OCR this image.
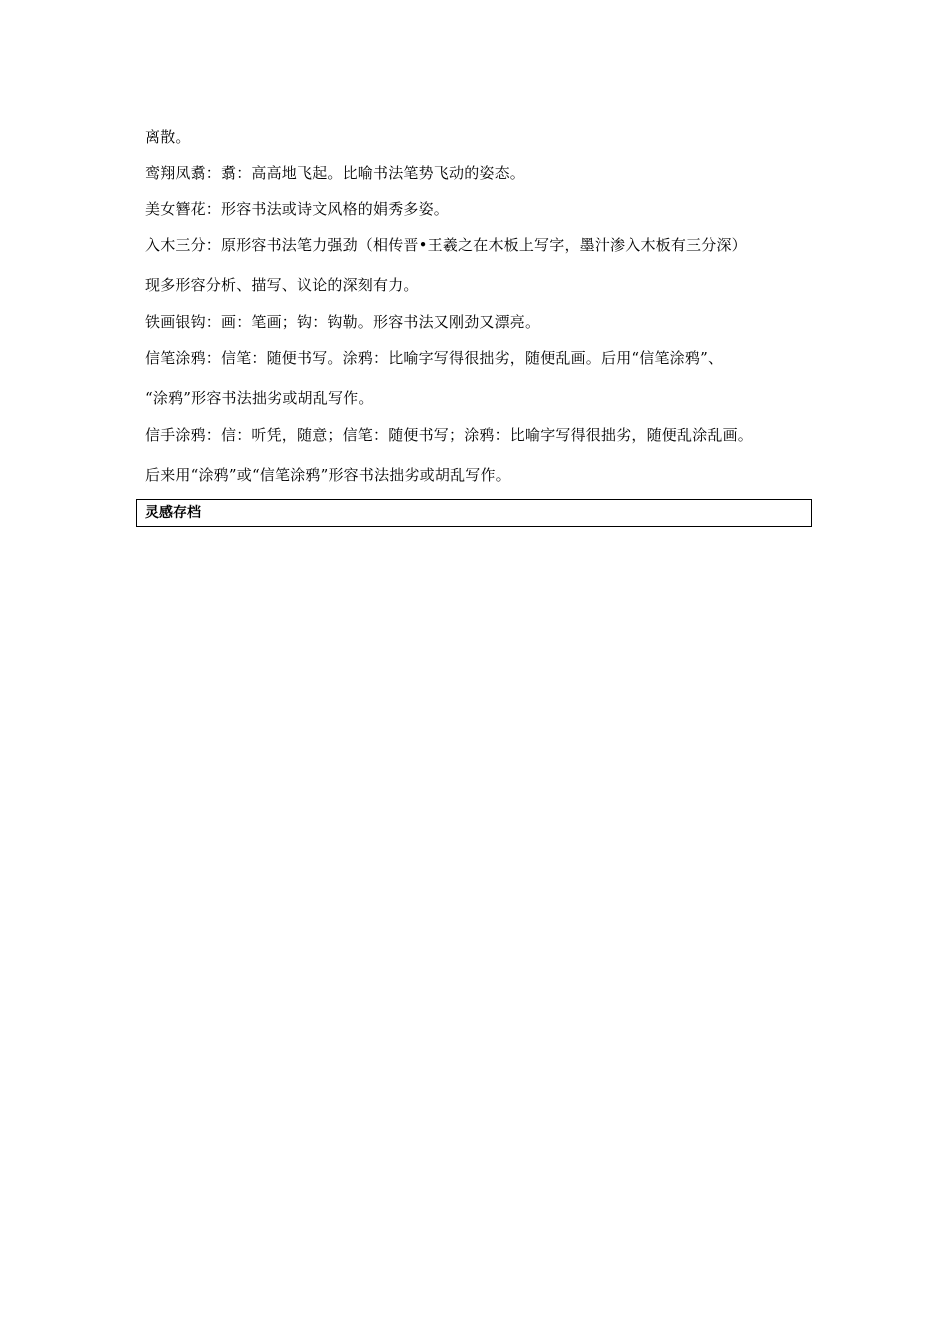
离散。
鸾翔凤翥：翥：高高地飞起。比喻书法笔势飞动的姿态。
美女簪花：形容书法或诗文风格的娟秀多姿。
入木三分：原形容书法笔力强劲（相传晋•王羲之在木板上写字，墨汁渗入木板有三分深）
现多形容分析、描写、议论的深刻有力。
铁画银钩：画：笔画；钩：钩勒。形容书法又刚劲又漂亮。
信笔涂鸦：信笔：随便书写。涂鸦：比喻字写得很拙劣，随便乱画。后用“信笔涂鸦”、
“涂鸦”形容书法拙劣或胡乱写作。
信手涂鸦：信：听凭，随意；信笔：随便书写；涂鸦：比喻字写得很拙劣，随便乱涂乱画。
后来用“涂鸦”或“信笔涂鸦”形容书法拙劣或胡乱写作。
灵感存档
